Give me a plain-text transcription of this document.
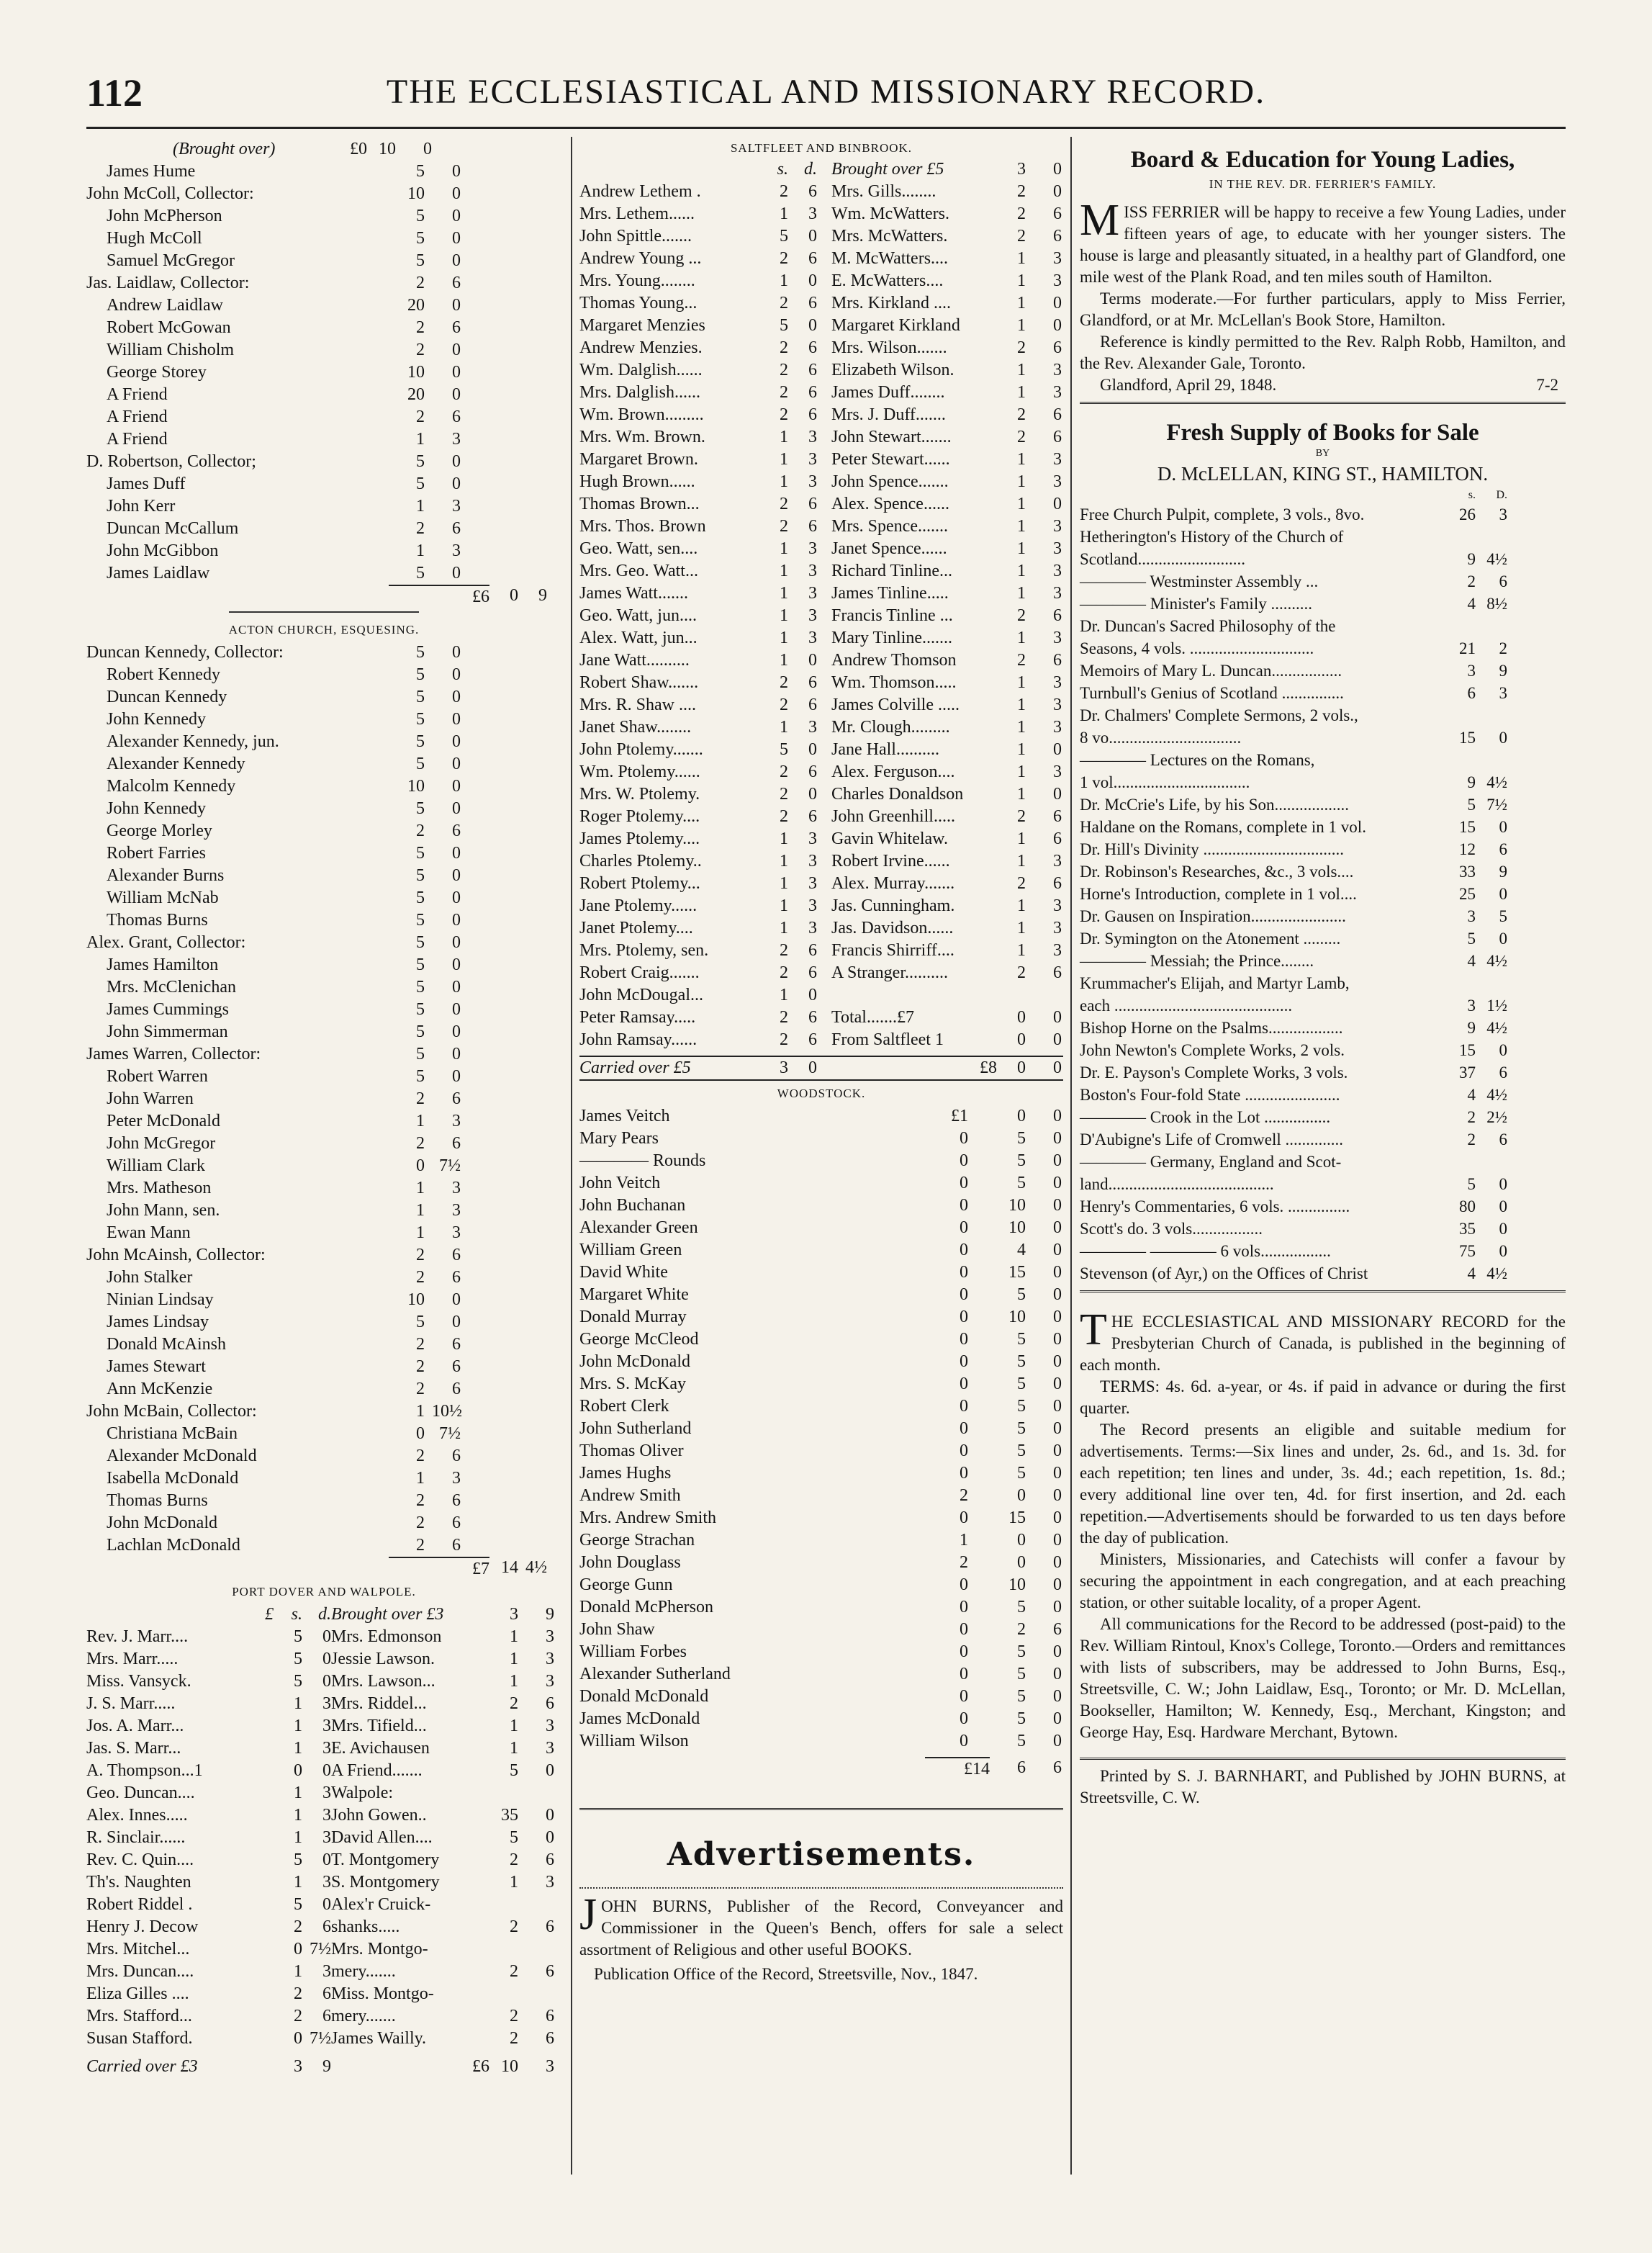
112	THE ECCLESIASTICAL AND MISSIONARY RECORD.
(Brought over)	£0 10	0
James Hume	5	0
John McColl, Collector:	10	0
John McPherson	5	0
Hugh McColl	5	0
Samuel McGregor	5	0
Jas. Laidlaw, Collector:	2	6
Andrew Laidlaw	20	0
Robert McGowan	2	6
William Chisholm	2	0
George Storey	10	0
A Friend	20	0
A Friend	2	6
A Friend	1	3
D. Robertson, Collector;	5	0
James Duff	5	0
John Kerr	1	3
Duncan McCallum	2	6
John McGibbon	1	3
James Laidlaw	5	0
£6	0	9
ACTON CHURCH, ESQUESING.
Duncan Kennedy, Collector:	5	0
Robert Kennedy	5	0
Duncan Kennedy	5	0
John Kennedy	5	0
Alexander Kennedy, jun.	5	0
Alexander Kennedy	5	0
Malcolm Kennedy	10	0
John Kennedy	5	0
George Morley	2	6
Robert Farries	5	0
Alexander Burns	5	0
William McNab	5	0
Thomas Burns	5	0
Alex. Grant, Collector:	5	0
James Hamilton	5	0
Mrs. McClenichan	5	0
James Cummings	5	0
John Simmerman	5	0
James Warren, Collector:	5	0
Robert Warren	5	0
John Warren	2	6
Peter McDonald	1	3
John McGregor	2	6
William Clark	0 7½
Mrs. Matheson	1	3
John Mann, sen.	1	3
Ewan Mann	1	3
John McAinsh, Collector:	2	6
John Stalker	2	6
Ninian Lindsay	10	0
James Lindsay	5	0
Donald McAinsh	2	6
James Stewart	2	6
Ann McKenzie	2	6
John McBain, Collector:	1 10½
Christiana McBain	0 7½
Alexander McDonald	2	6
Isabella McDonald	1	3
Thomas Burns	2	6
John McDonald	2	6
Lachlan McDonald	2	6
£7 14 4½
PORT DOVER AND WALPOLE.
£	s. d. Brought over £3	3	9
Rev. J. Marr....	5	0 Mrs. Edmonson	1	3
Mrs. Marr.....	5	0 Jessie Lawson.	1	3
Miss. Vansyck.	5	0 Mrs. Lawson...	1	3
J. S. Marr.....	1	3 Mrs. Riddel...	2	6
Jos. A. Marr...	1	3 Mrs. Tifield...	1	3
Jas. S. Marr...	1	3 E. Avichausen	1	3
A. Thompson...1	0	0 A Friend.......	5	0
Geo. Duncan....	1	3 Walpole:
Alex. Innes.....	1	3 John Gowen..	35	0
R. Sinclair......	1	3 David Allen....	5	0
Rev. C. Quin....	5	0 T. Montgomery	2	6
Th's. Naughten	1	3 S. Montgomery	1	3
Robert Riddel .	5	0 Alex'r Cruick-
Henry J. Decow	2	6 shanks.....	2	6
Mrs. Mitchel...	0 7½ Mrs. Montgo-
Mrs. Duncan....	1	3 mery.......	2	6
Eliza Gilles ....	2	6 Miss. Montgo-
Mrs. Stafford...	2	6 mery.......	2	6
Susan Stafford.	0 7½ James Wailly.	2	6
Carried over £3	3	9	£6 10	3
SALTFLEET AND BINBROOK.
s. d. Brought over £5	3	0
Andrew Lethem .	2	6 Mrs. Gills........	2	0
Mrs. Lethem......	1	3 Wm. McWatters.	2	6
John Spittle.......	5	0 Mrs. McWatters.	2	6
Andrew Young ...	2	6 M. McWatters....	1	3
Mrs. Young........	1	0 E. McWatters....	1	3
Thomas Young...	2	6 Mrs. Kirkland ....	1	0
Margaret Menzies	5	0 Margaret Kirkland	1	0
Andrew Menzies.	2	6 Mrs. Wilson.......	2	6
Wm. Dalglish......	2	6 Elizabeth Wilson.	1	3
Mrs. Dalglish......	2	6 James Duff........	1	3
Wm. Brown.........	2	6 Mrs. J. Duff.......	2	6
Mrs. Wm. Brown.	1	3 John Stewart.......	2	6
Margaret Brown.	1	3 Peter Stewart......	1	3
Hugh Brown......	1	3 John Spence.......	1	3
Thomas Brown...	2	6 Alex. Spence......	1	0
Mrs. Thos. Brown	2	6 Mrs. Spence.......	1	3
Geo. Watt, sen....	1	3 Janet Spence......	1	3
Mrs. Geo. Watt...	1	3 Richard Tinline...	1	3
James Watt.......	1	3 James Tinline.....	1	3
Geo. Watt, jun....	1	3 Francis Tinline ...	2	6
Alex. Watt, jun...	1	3 Mary Tinline.......	1	3
Jane Watt..........	1	0 Andrew Thomson	2	6
Robert Shaw.......	2	6 Wm. Thomson.....	1	3
Mrs. R. Shaw ....	2	6 James Colville .....	1	3
Janet Shaw........	1	3 Mr. Clough.........	1	3
John Ptolemy.......	5	0 Jane Hall..........	1	0
Wm. Ptolemy......	2	6 Alex. Ferguson....	1	3
Mrs. W. Ptolemy.	2	0 Charles Donaldson	1	0
Roger Ptolemy....	2	6 John Greenhill.....	2	6
James Ptolemy....	1	3 Gavin Whitelaw.	1	6
Charles Ptolemy..	1	3 Robert Irvine......	1	3
Robert Ptolemy...	1	3 Alex. Murray.......	2	6
Jane Ptolemy......	1	3 Jas. Cunningham.	1	3
Janet Ptolemy....	1	3 Jas. Davidson......	1	3
Mrs. Ptolemy, sen.	2	6 Francis Shirriff....	1	3
Robert Craig.......	2	6 A Stranger..........	2	6
John McDougal...	1	0
Peter Ramsay.....	2	6 Total.......£7	0	0
John Ramsay......	2	6 From Saltfleet 1	0	0
Carried over £5	3	0	£8	0	0
WOODSTOCK.
James Veitch	£1	0	0
Mary Pears	0	5	0
———— Rounds	0	5	0
John Veitch	0	5	0
John Buchanan	0	10	0
Alexander Green	0	10	0
William Green	0	4	0
David White	0	15	0
Margaret White	0	5	0
Donald Murray	0	10	0
George McCleod	0	5	0
John McDonald	0	5	0
Mrs. S. McKay	0	5	0
Robert Clerk	0	5	0
John Sutherland	0	5	0
Thomas Oliver	0	5	0
James Hughs	0	5	0
Andrew Smith	2	0	0
Mrs. Andrew Smith	0	15	0
George Strachan	1	0	0
John Douglass	2	0	0
George Gunn	0	10	0
Donald McPherson	0	5	0
John Shaw	0	2	6
William Forbes	0	5	0
Alexander Sutherland	0	5	0
Donald McDonald	0	5	0
James McDonald	0	5	0
William Wilson	0	5	0
£14	6	6
Advertisements.
J OHN BURNS, Publisher of the Record, Conveyancer and Commissioner in the Queen's Bench, offers for sale a select assortment of Religious and other useful BOOKS.

Publication Office of the Record, Streetsville, Nov., 1847.

Board & Education for Young Ladies,
IN THE REV. DR. FERRIER'S FAMILY.
M ISS FERRIER will be happy to receive a few Young Ladies, under fifteen years of age, to educate with her younger sisters. The house is large and pleasantly situated, in a healthy part of Glandford, one mile west of the Plank Road, and ten miles south of Hamilton.

Terms moderate.—For further particulars, apply to Miss Ferrier, Glandford, or at Mr. McLellan's Book Store, Hamilton.

Reference is kindly permitted to the Rev. Ralph Robb, Hamilton, and the Rev. Alexander Gale, Toronto.

Glandford, April 29, 1848.	7-2
Fresh Supply of Books for Sale
BY
D. McLELLAN, KING ST., HAMILTON.
s.	D.
Free Church Pulpit, complete, 3 vols., 8vo.	26	3
Hetherington's History of the Church of
Scotland..........................	9 4½
———— Westminster Assembly ...	2	6
———— Minister's Family ..........	4 8½
Dr. Duncan's Sacred Philosophy of the
Seasons, 4 vols. ..............................	21	2
Memoirs of Mary L. Duncan.................	3	9
Turnbull's Genius of Scotland ...............	6	3
Dr. Chalmers' Complete Sermons, 2 vols.,
8 vo................................	15	0
———— Lectures on the Romans,
1 vol.................................	9 4½
Dr. McCrie's Life, by his Son..................	5 7½
Haldane on the Romans, complete in 1 vol.	15	0
Dr. Hill's Divinity ..................................	12	6
Dr. Robinson's Researches, &c., 3 vols....	33	9
Horne's Introduction, complete in 1 vol....	25	0
Dr. Gausen on Inspiration.......................	3	5
Dr. Symington on the Atonement .........	5	0
———— Messiah; the Prince........	4 4½
Krummacher's Elijah, and Martyr Lamb,
each ...........................................	3 1½
Bishop Horne on the Psalms..................	9 4½
John Newton's Complete Works, 2 vols.	15	0
Dr. E. Payson's Complete Works, 3 vols.	37	6
Boston's Four-fold State .......................	4 4½
———— Crook in the Lot ................	2 2½
D'Aubigne's Life of Cromwell ..............	2	6
———— Germany, England and Scot-
land........................................	5	0
Henry's Commentaries, 6 vols. ...............	80	0
Scott's do. 3 vols.................	35	0
———— ———— 6 vols.................	75	0
Stevenson (of Ayr,) on the Offices of Christ	4 4½
T HE ECCLESIASTICAL AND MISSIONARY RECORD for the Presbyterian Church of Canada, is published in the beginning of each month.

TERMS: 4s. 6d. a-year, or 4s. if paid in advance or during the first quarter.

The Record presents an eligible and suitable medium for advertisements. Terms:—Six lines and under, 2s. 6d., and 1s. 3d. for each repetition; ten lines and under, 3s. 4d.; each repetition, 1s. 8d.; every additional line over ten, 4d. for first insertion, and 2d. each repetition.—Advertisements should be forwarded to us ten days before the day of publication.

Ministers, Missionaries, and Catechists will confer a favour by securing the appointment in each congregation, and at each preaching station, or other suitable locality, of a proper Agent.

All communications for the Record to be addressed (post-paid) to the Rev. William Rintoul, Knox's College, Toronto.—Orders and remittances with lists of subscribers, may be addressed to John Burns, Esq., Streetsville, C. W.; John Laidlaw, Esq., Toronto; or Mr. D. McLellan, Bookseller, Hamilton; W. Kennedy, Esq., Merchant, Kingston; and George Hay, Esq. Hardware Merchant, Bytown.

Printed by S. J. BARNHART, and Published by JOHN BURNS, at Streetsville, C. W.
